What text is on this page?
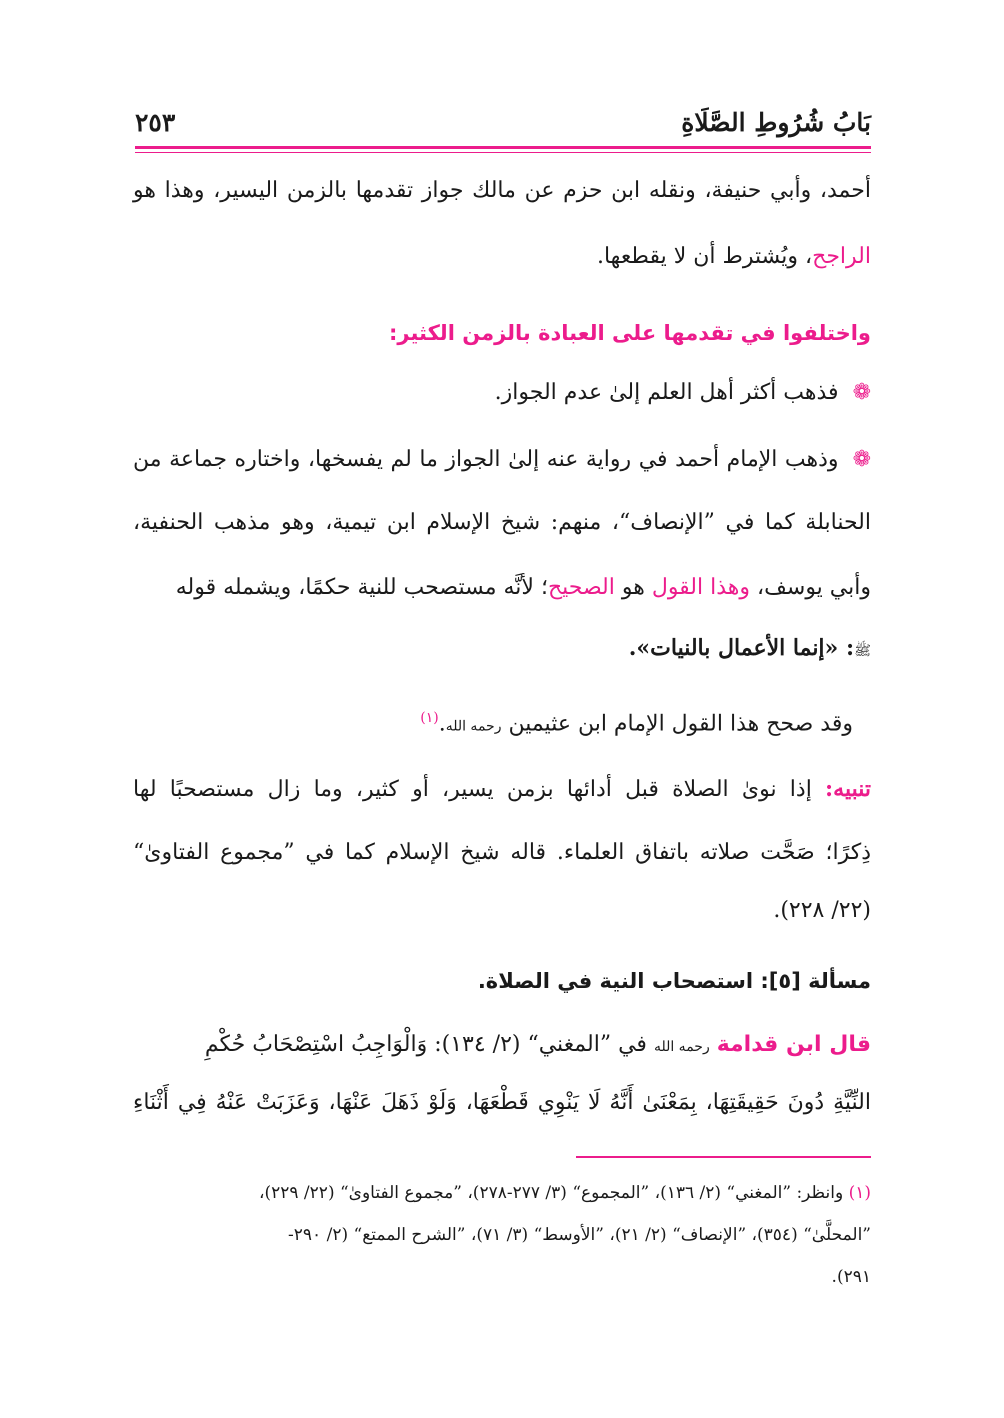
بَابُ شُرُوطِ الصَّلَاةِ
٢٥٣
أحمد، وأبي حنيفة، ونقله ابن حزم عن مالك جواز تقدمها بالزمن اليسير، وهذا هو
الراجح، ويُشترط أن لا يقطعها.
واختلفوا في تقدمها على العبادة بالزمن الكثير:
❁فذهب أكثر أهل العلم إلىٰ عدم الجواز.
❁وذهب الإمام أحمد في رواية عنه إلىٰ الجواز ما لم يفسخها، واختاره جماعة من
الحنابلة كما في ”الإنصاف“، منهم: شيخ الإسلام ابن تيمية، وهو مذهب الحنفية،
وأبي يوسف، وهذا القول هو الصحيح؛ لأنَّه مستصحب للنية حكمًا، ويشمله قوله
ﷺ: «إنما الأعمال بالنيات».
وقد صحح هذا القول الإمام ابن عثيمين رحمه الله.$^{(١)}$
تنبيه: إذا نوىٰ الصلاة قبل أدائها بزمن يسير، أو كثير، وما زال مستصحبًا لها
ذِكرًا؛ صَحَّت صلاته باتفاق العلماء. قاله شيخ الإسلام كما في ”مجموع الفتاوىٰ“
(٢٢/ ٢٢٨).
مسألة [٥]: استصحاب النية في الصلاة.
قال ابن قدامة رحمه الله في ”المغني“ (٢/ ١٣٤): وَالْوَاجِبُ اسْتِصْحَابُ حُكْمِ
النِّيَّةِ دُونَ حَقِيقَتِهَا، بِمَعْنَىٰ أَنَّهُ لَا يَنْوِي قَطْعَهَا، وَلَوْ ذَهَلَ عَنْهَا، وَعَزَبَتْ عَنْهُ فِي أَثْنَاءِ
(١) وانظر: ”المغني“ (٢/ ١٣٦)، ”المجموع“ (٣/ ٢٧٧-٢٧٨)، ”مجموع الفتاوىٰ“ (٢٢/ ٢٢٩)،
”المحلَّىٰ“ (٣٥٤)، ”الإنصاف“ (٢/ ٢١)، ”الأوسط“ (٣/ ٧١)، ”الشرح الممتع“ (٢/ ٢٩٠-
٢٩١).
